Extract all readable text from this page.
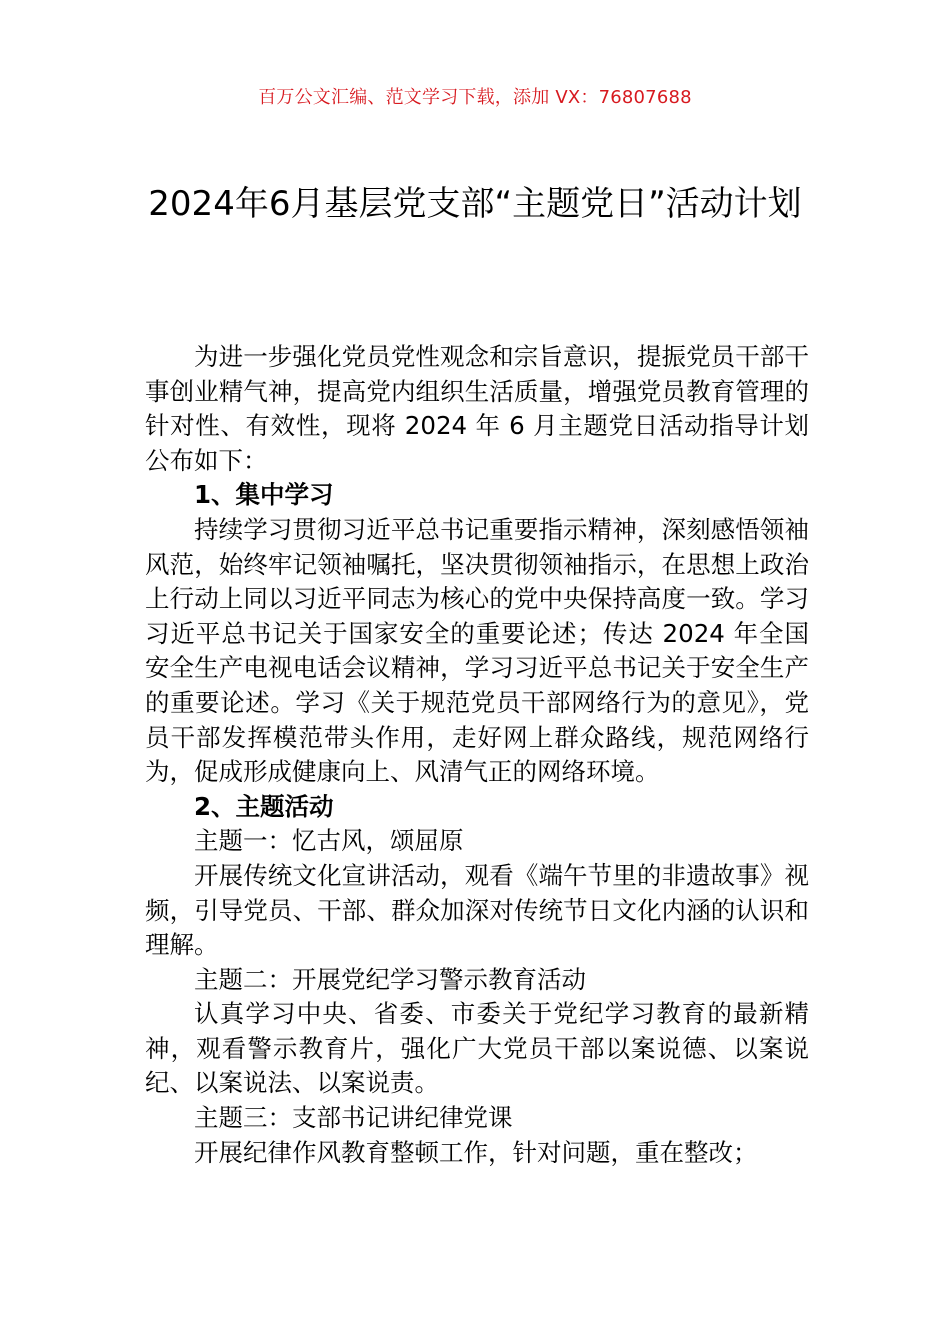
百万公文汇编、范文学习下载，添加 VX：76807688
2024年6月基层党支部“主题党日”活动计划

为进一步强化党员党性观念和宗旨意识，提振党员干部干事创业精气神，提高党内组织生活质量，增强党员教育管理的针对性、有效性，现将 2024 年 6 月主题党日活动指导计划公布如下：

1、集中学习

持续学习贯彻习近平总书记重要指示精神，深刻感悟领袖风范，始终牢记领袖嘱托，坚决贯彻领袖指示，在思想上政治上行动上同以习近平同志为核心的党中央保持高度一致。学习习近平总书记关于国家安全的重要论述；传达 2024 年全国安全生产电视电话会议精神，学习习近平总书记关于安全生产的重要论述。学习《关于规范党员干部网络行为的意见》，党员干部发挥模范带头作用，走好网上群众路线，规范网络行为，促成形成健康向上、风清气正的网络环境。

2、主题活动

主题一：忆古风，颂屈原

开展传统文化宣讲活动，观看《端午节里的非遗故事》视频，引导党员、干部、群众加深对传统节日文化内涵的认识和理解。

主题二：开展党纪学习警示教育活动

认真学习中央、省委、市委关于党纪学习教育的最新精神，观看警示教育片，强化广大党员干部以案说德、以案说纪、以案说法、以案说责。

主题三：支部书记讲纪律党课

开展纪律作风教育整顿工作，针对问题，重在整改；
